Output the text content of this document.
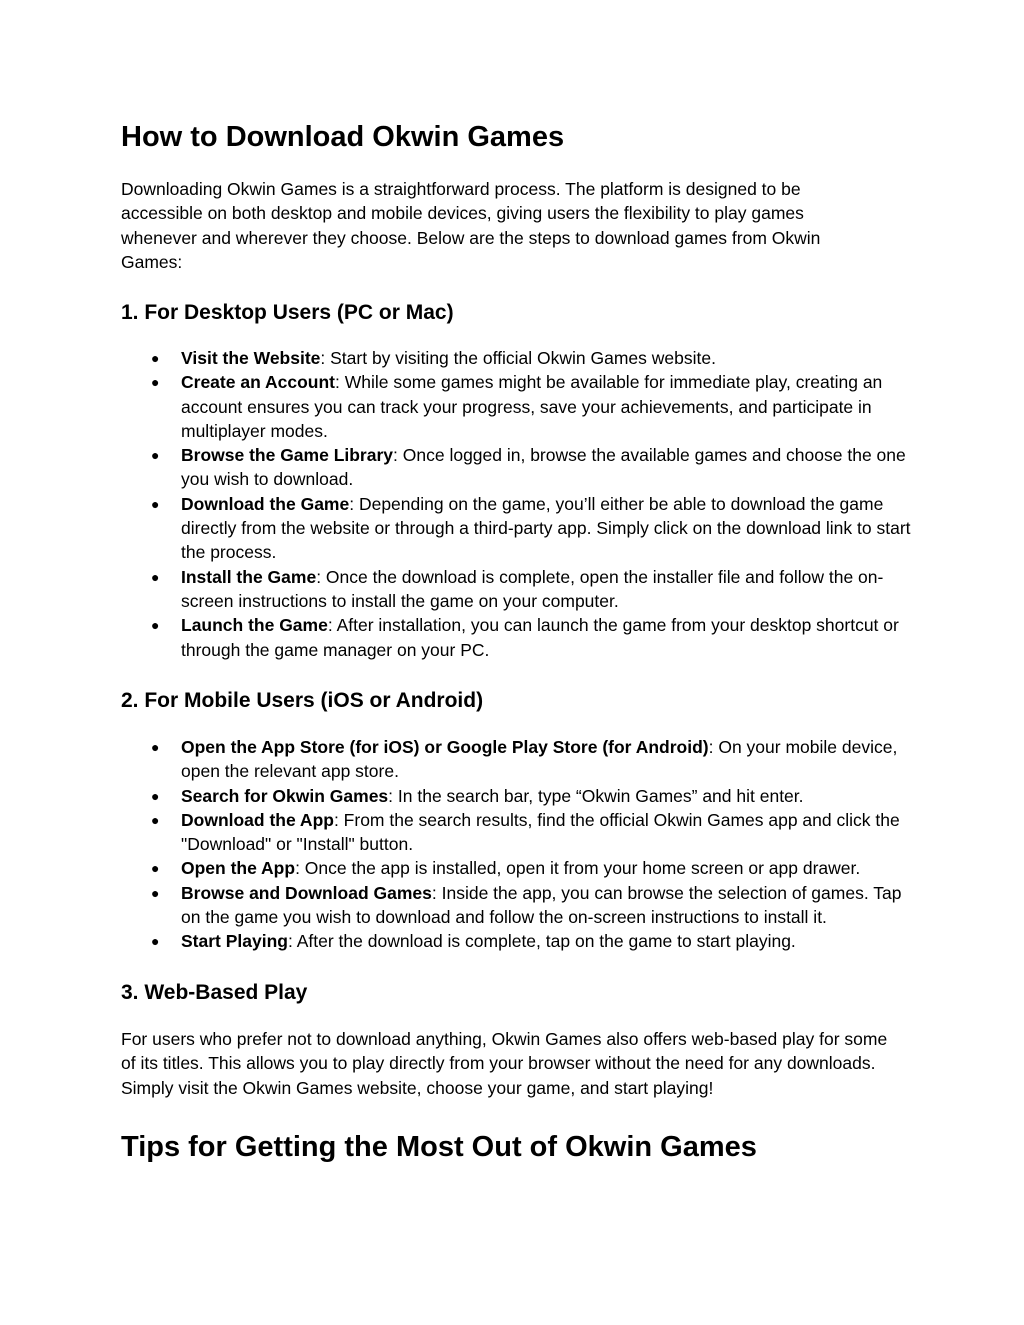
How to Download Okwin Games

Downloading Okwin Games is a straightforward process. The platform is designed to be accessible on both desktop and mobile devices, giving users the flexibility to play games whenever and wherever they choose. Below are the steps to download games from Okwin Games:

1. For Desktop Users (PC or Mac)
● Visit the Website: Start by visiting the official Okwin Games website.
● Create an Account: While some games might be available for immediate play, creating an account ensures you can track your progress, save your achievements, and participate in multiplayer modes.
● Browse the Game Library: Once logged in, browse the available games and choose the one you wish to download.
● Download the Game: Depending on the game, you’ll either be able to download the game directly from the website or through a third-party app. Simply click on the download link to start the process.
● Install the Game: Once the download is complete, open the installer file and follow the on-screen instructions to install the game on your computer.
● Launch the Game: After installation, you can launch the game from your desktop shortcut or through the game manager on your PC.
2. For Mobile Users (iOS or Android)
● Open the App Store (for iOS) or Google Play Store (for Android): On your mobile device, open the relevant app store.
● Search for Okwin Games: In the search bar, type “Okwin Games” and hit enter.
● Download the App: From the search results, find the official Okwin Games app and click the "Download" or "Install" button.
● Open the App: Once the app is installed, open it from your home screen or app drawer.
● Browse and Download Games: Inside the app, you can browse the selection of games. Tap on the game you wish to download and follow the on-screen instructions to install it.
● Start Playing: After the download is complete, tap on the game to start playing.
3. Web-Based Play

For users who prefer not to download anything, Okwin Games also offers web-based play for some of its titles. This allows you to play directly from your browser without the need for any downloads. Simply visit the Okwin Games website, choose your game, and start playing!

Tips for Getting the Most Out of Okwin Games
